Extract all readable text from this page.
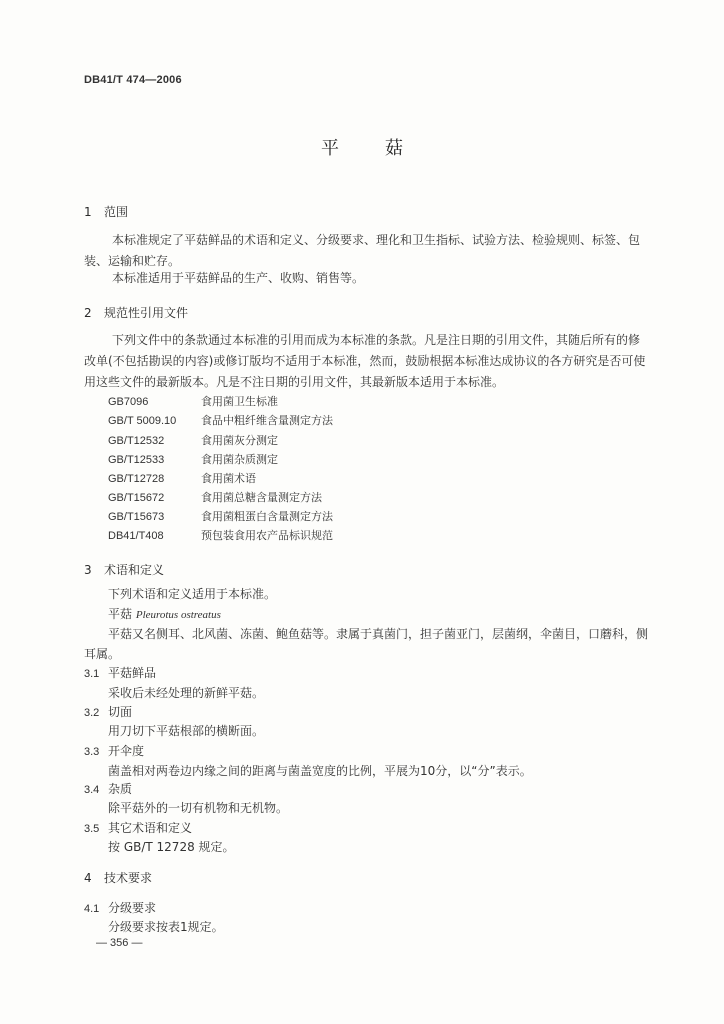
DB41/T 474—2006
平菇
1 范围
本标准规定了平菇鲜品的术语和定义、分级要求、理化和卫生指标、试验方法、检验规则、标签、包装、运输和贮存。
本标准适用于平菇鲜品的生产、收购、销售等。
2 规范性引用文件
下列文件中的条款通过本标准的引用而成为本标准的条款。凡是注日期的引用文件，其随后所有的修改单(不包括勘误的内容)或修订版均不适用于本标准，然而，鼓励根据本标准达成协议的各方研究是否可使用这些文件的最新版本。凡是不注日期的引用文件，其最新版本适用于本标准。
GB7096	食用菌卫生标准
GB/T 5009.10 食品中粗纤维含量测定方法
GB/T12532	食用菌灰分测定
GB/T12533	食用菌杂质测定
GB/T12728	食用菌术语
GB/T15672	食用菌总糖含量测定方法
GB/T15673	食用菌粗蛋白含量测定方法
DB41/T408	预包装食用农产品标识规范
3 术语和定义
下列术语和定义适用于本标准。
平菇 Pleurotus ostreatus
平菇又名侧耳、北风菌、冻菌、鲍鱼菇等。隶属于真菌门，担子菌亚门，层菌纲，伞菌目，口蘑科，侧耳属。
3.1 平菇鲜品
采收后未经处理的新鲜平菇。
3.2 切面
用刀切下平菇根部的横断面。
3.3 开伞度
菌盖相对两卷边内缘之间的距离与菌盖宽度的比例，平展为10分，以“分”表示。
3.4 杂质
除平菇外的一切有机物和无机物。
3.5 其它术语和定义
按 GB/T 12728 规定。
4 技术要求
4.1 分级要求
分级要求按表1规定。
— 356 —
